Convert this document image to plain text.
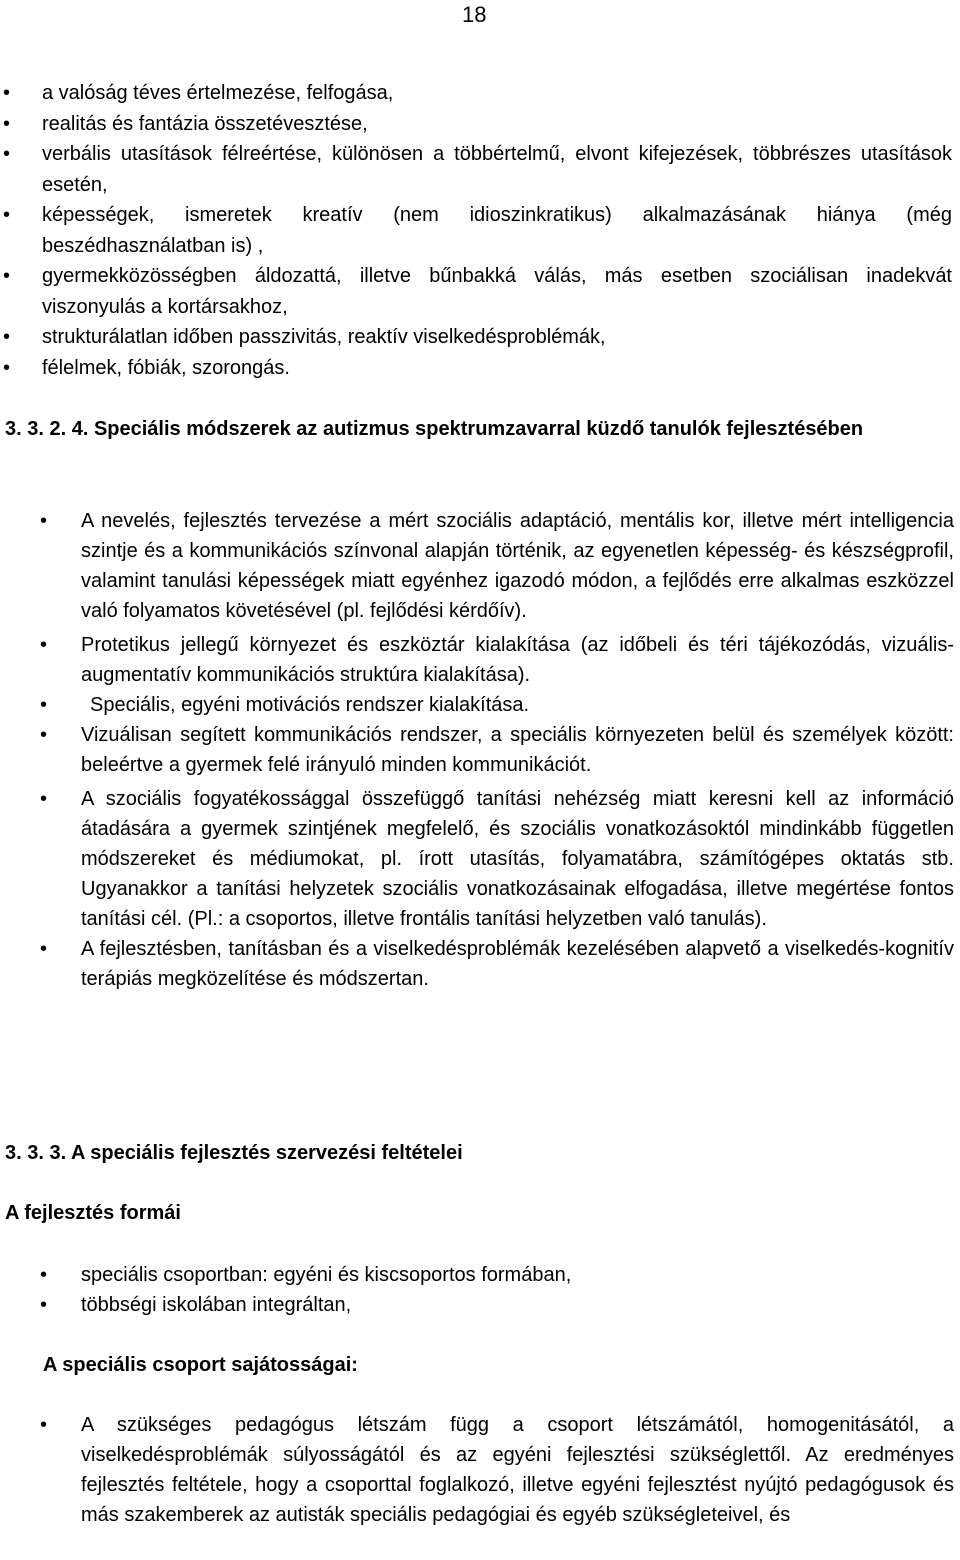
18
• a valóság téves értelmezése, felfogása,
• realitás és fantázia összetévesztése,
• verbális utasítások félreértése, különösen a többértelmű, elvont kifejezések, többrészes utasítások esetén,
• képességek, ismeretek kreatív (nem idioszinkratikus) alkalmazásának hiánya (még beszédhasználatban is) ,
• gyermekközösségben áldozattá, illetve bűnbakká válás, más esetben szociálisan inadekvát viszonyulás a kortársakhoz,
• strukturálatlan időben passzivitás, reaktív viselkedésproblémák,
• félelmek, fóbiák, szorongás.
3. 3. 2. 4. Speciális módszerek az autizmus spektrumzavarral küzdő tanulók fejlesztésében
• A nevelés, fejlesztés tervezése a mért szociális adaptáció, mentális kor, illetve mért intelligencia szintje és a kommunikációs színvonal alapján történik, az egyenetlen képesség- és készségprofil, valamint tanulási képességek miatt egyénhez igazodó módon, a fejlődés erre alkalmas eszközzel való folyamatos követésével (pl. fejlődési kérdőív).
• Protetikus jellegű környezet és eszköztár kialakítása (az időbeli és téri tájékozódás, vizuális- augmentatív kommunikációs struktúra kialakítása).
• Speciális, egyéni motivációs rendszer kialakítása.
• Vizuálisan segített kommunikációs rendszer, a speciális környezeten belül és személyek között: beleértve a gyermek felé irányuló minden kommunikációt.
• A szociális fogyatékossággal összefüggő tanítási nehézség miatt keresni kell az információ átadására a gyermek szintjének megfelelő, és szociális vonatkozásoktól mindinkább független módszereket és médiumokat, pl. írott utasítás, folyamatábra, számítógépes oktatás stb. Ugyanakkor a tanítási helyzetek szociális vonatkozásainak elfogadása, illetve megértése fontos tanítási cél. (Pl.: a csoportos, illetve frontális tanítási helyzetben való tanulás).
• A fejlesztésben, tanításban és a viselkedésproblémák kezelésében alapvető a viselkedés-kognitív terápiás megközelítése és módszertan.
3. 3. 3. A speciális fejlesztés szervezési feltételei
A fejlesztés formái
• speciális csoportban: egyéni és kiscsoportos formában,
• többségi iskolában integráltan,
A speciális csoport sajátosságai:
• A szükséges pedagógus létszám függ a csoport létszámától, homogenitásától, a viselkedésproblémák súlyosságától és az egyéni fejlesztési szükséglettől. Az eredményes fejlesztés feltétele, hogy a csoporttal foglalkozó, illetve egyéni fejlesztést nyújtó pedagógusok és más szakemberek az autisták speciális pedagógiai és egyéb szükségleteivel, és
